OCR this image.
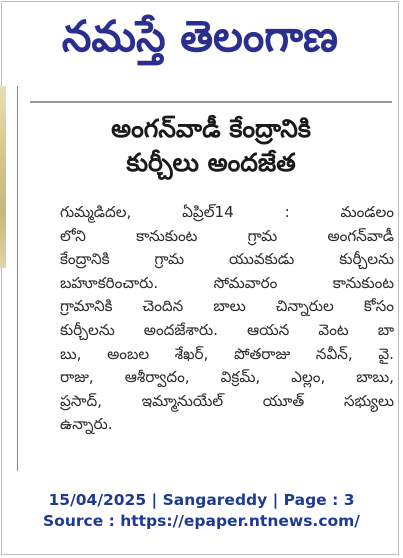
నమస్తే తెలంగాణ
అంగన్‌వాడీ కేంద్రానికి
కుర్చీలు అందజేత
గుమ్మడిదల, ఏప్రిల్14 : మండలం
లోని కానుకుంట గ్రామ అంగన్‌వాడీ
కేంద్రానికి గ్రామ యువకుడు కుర్చీలను
బహూకరించారు. సోమవారం కానుకుంట
గ్రామానికి చెందిన బాలు చిన్నారుల కోసం
కుర్చీలను అందజేశారు. ఆయన వెంట బా
బు, అంబల శేఖర్, పోతరాజు నవీన్, వై.
రాజు, ఆశీర్వాదం, విక్రమ్, ఎల్లం, బాబు,
ప్రసాద్, ఇమ్మానుయేల్ యూత్ సభ్యులు
ఉన్నారు.
15/04/2025 | Sangareddy | Page : 3
Source : https://epaper.ntnews.com/
